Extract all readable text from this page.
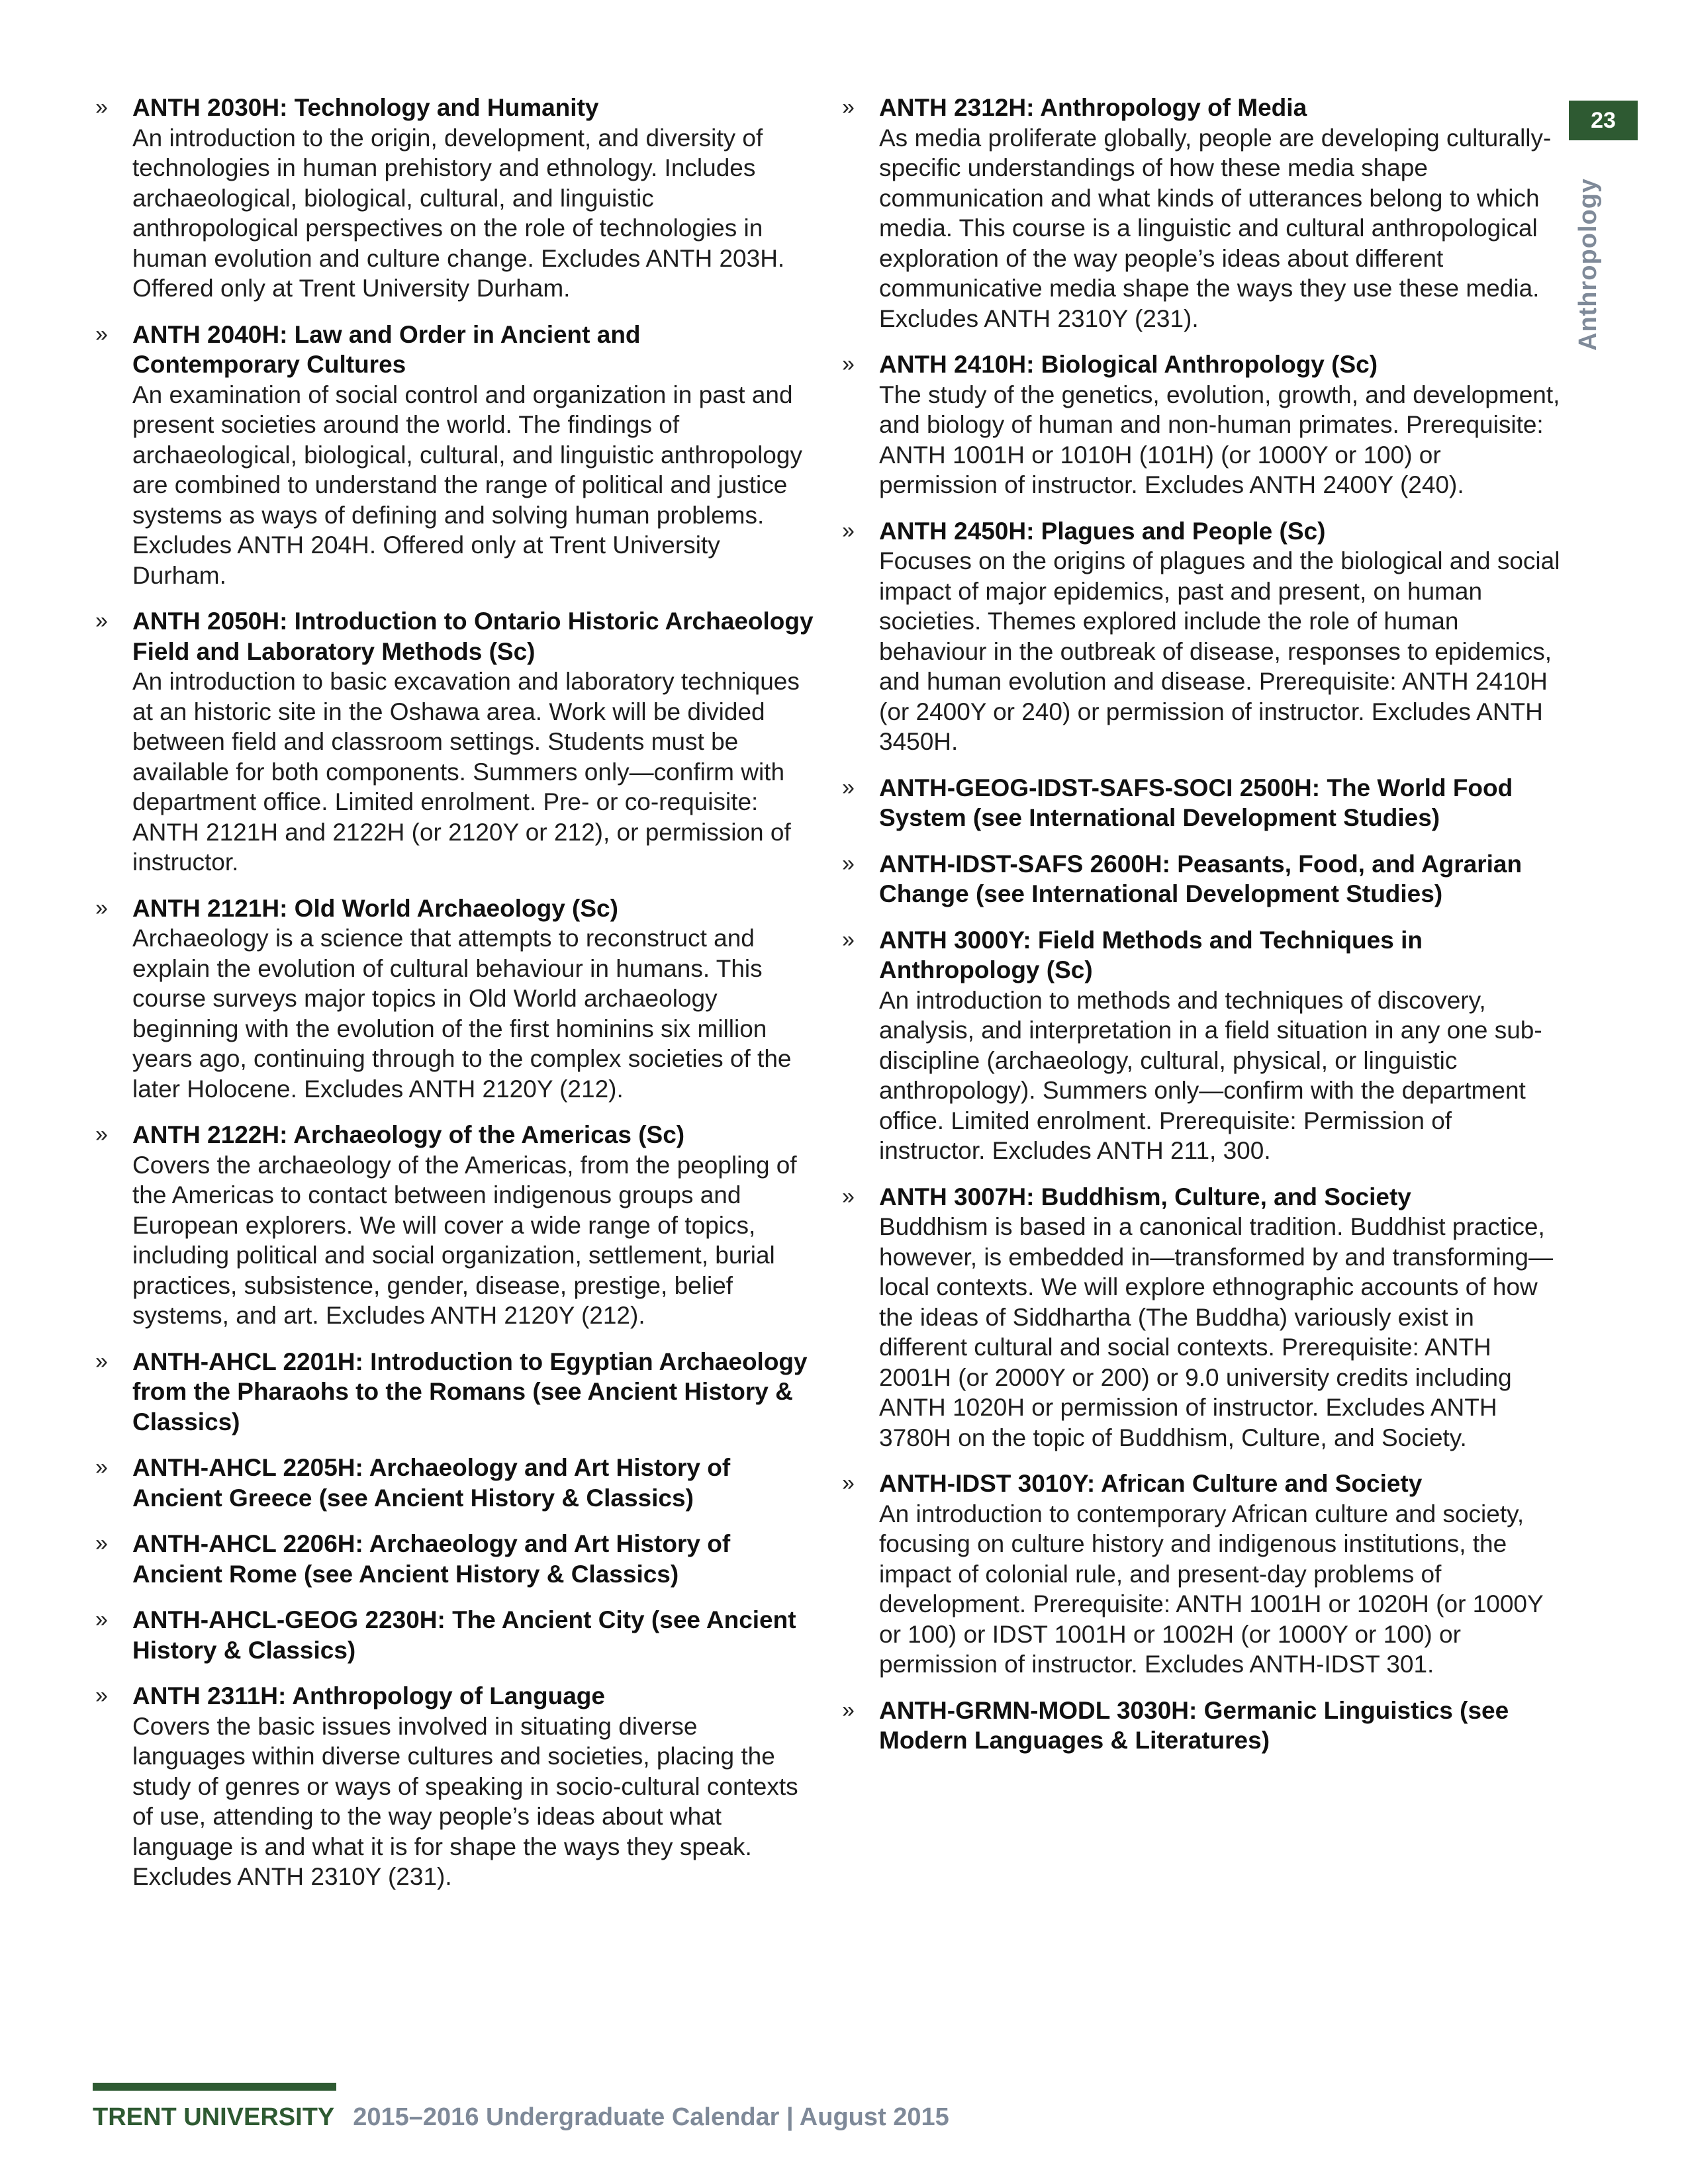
» ANTH 2030H: Technology and Humanity
An introduction to the origin, development, and diversity of technologies in human prehistory and ethnology. Includes archaeological, biological, cultural, and linguistic anthropological perspectives on the role of technologies in human evolution and culture change. Excludes ANTH 203H. Offered only at Trent University Durham.
» ANTH 2040H: Law and Order in Ancient and Contemporary Cultures
An examination of social control and organization in past and present societies around the world. The findings of archaeological, biological, cultural, and linguistic anthropology are combined to understand the range of political and justice systems as ways of defining and solving human problems. Excludes ANTH 204H. Offered only at Trent University Durham.
» ANTH 2050H: Introduction to Ontario Historic Archaeology Field and Laboratory Methods (Sc)
An introduction to basic excavation and laboratory techniques at an historic site in the Oshawa area. Work will be divided between field and classroom settings. Students must be available for both components. Summers only—confirm with department office. Limited enrolment. Pre- or co-requisite: ANTH 2121H and 2122H (or 2120Y or 212), or permission of instructor.
» ANTH 2121H: Old World Archaeology (Sc)
Archaeology is a science that attempts to reconstruct and explain the evolution of cultural behaviour in humans. This course surveys major topics in Old World archaeology beginning with the evolution of the first hominins six million years ago, continuing through to the complex societies of the later Holocene. Excludes ANTH 2120Y (212).
» ANTH 2122H: Archaeology of the Americas (Sc)
Covers the archaeology of the Americas, from the peopling of the Americas to contact between indigenous groups and European explorers. We will cover a wide range of topics, including political and social organization, settlement, burial practices, subsistence, gender, disease, prestige, belief systems, and art. Excludes ANTH 2120Y (212).
» ANTH-AHCL 2201H: Introduction to Egyptian Archaeology from the Pharaohs to the Romans (see Ancient History & Classics)
» ANTH-AHCL 2205H: Archaeology and Art History of Ancient Greece (see Ancient History & Classics)
» ANTH-AHCL 2206H: Archaeology and Art History of Ancient Rome (see Ancient History & Classics)
» ANTH-AHCL-GEOG 2230H: The Ancient City (see Ancient History & Classics)
» ANTH 2311H: Anthropology of Language
Covers the basic issues involved in situating diverse languages within diverse cultures and societies, placing the study of genres or ways of speaking in socio-cultural contexts of use, attending to the way people’s ideas about what language is and what it is for shape the ways they speak. Excludes ANTH 2310Y (231).
» ANTH 2312H: Anthropology of Media
As media proliferate globally, people are developing culturally-specific understandings of how these media shape communication and what kinds of utterances belong to which media. This course is a linguistic and cultural anthropological exploration of the way people’s ideas about different communicative media shape the ways they use these media. Excludes ANTH 2310Y (231).
» ANTH 2410H: Biological Anthropology (Sc)
The study of the genetics, evolution, growth, and development, and biology of human and non-human primates. Prerequisite: ANTH 1001H or 1010H (101H) (or 1000Y or 100) or permission of instructor. Excludes ANTH 2400Y (240).
» ANTH 2450H: Plagues and People (Sc)
Focuses on the origins of plagues and the biological and social impact of major epidemics, past and present, on human societies. Themes explored include the role of human behaviour in the outbreak of disease, responses to epidemics, and human evolution and disease. Prerequisite: ANTH 2410H (or 2400Y or 240) or permission of instructor. Excludes ANTH 3450H.
» ANTH-GEOG-IDST-SAFS-SOCI 2500H: The World Food System (see International Development Studies)
» ANTH-IDST-SAFS 2600H: Peasants, Food, and Agrarian Change (see International Development Studies)
» ANTH 3000Y: Field Methods and Techniques in Anthropology (Sc)
An introduction to methods and techniques of discovery, analysis, and interpretation in a field situation in any one sub-discipline (archaeology, cultural, physical, or linguistic anthropology). Summers only—confirm with the department office. Limited enrolment. Prerequisite: Permission of instructor. Excludes ANTH 211, 300.
» ANTH 3007H: Buddhism, Culture, and Society
Buddhism is based in a canonical tradition. Buddhist practice, however, is embedded in—transformed by and transforming—local contexts. We will explore ethnographic accounts of how the ideas of Siddhartha (The Buddha) variously exist in different cultural and social contexts. Prerequisite: ANTH 2001H (or 2000Y or 200) or 9.0 university credits including ANTH 1020H or permission of instructor. Excludes ANTH 3780H on the topic of Buddhism, Culture, and Society.
» ANTH-IDST 3010Y: African Culture and Society
An introduction to contemporary African culture and society, focusing on culture history and indigenous institutions, the impact of colonial rule, and present-day problems of development. Prerequisite: ANTH 1001H or 1020H (or 1000Y or 100) or IDST 1001H or 1002H (or 1000Y or 100) or permission of instructor. Excludes ANTH-IDST 301.
» ANTH-GRMN-MODL 3030H: Germanic Linguistics (see Modern Languages & Literatures)
23
Anthropology
TRENT UNIVERSITY 2015–2016 Undergraduate Calendar | August 2015
